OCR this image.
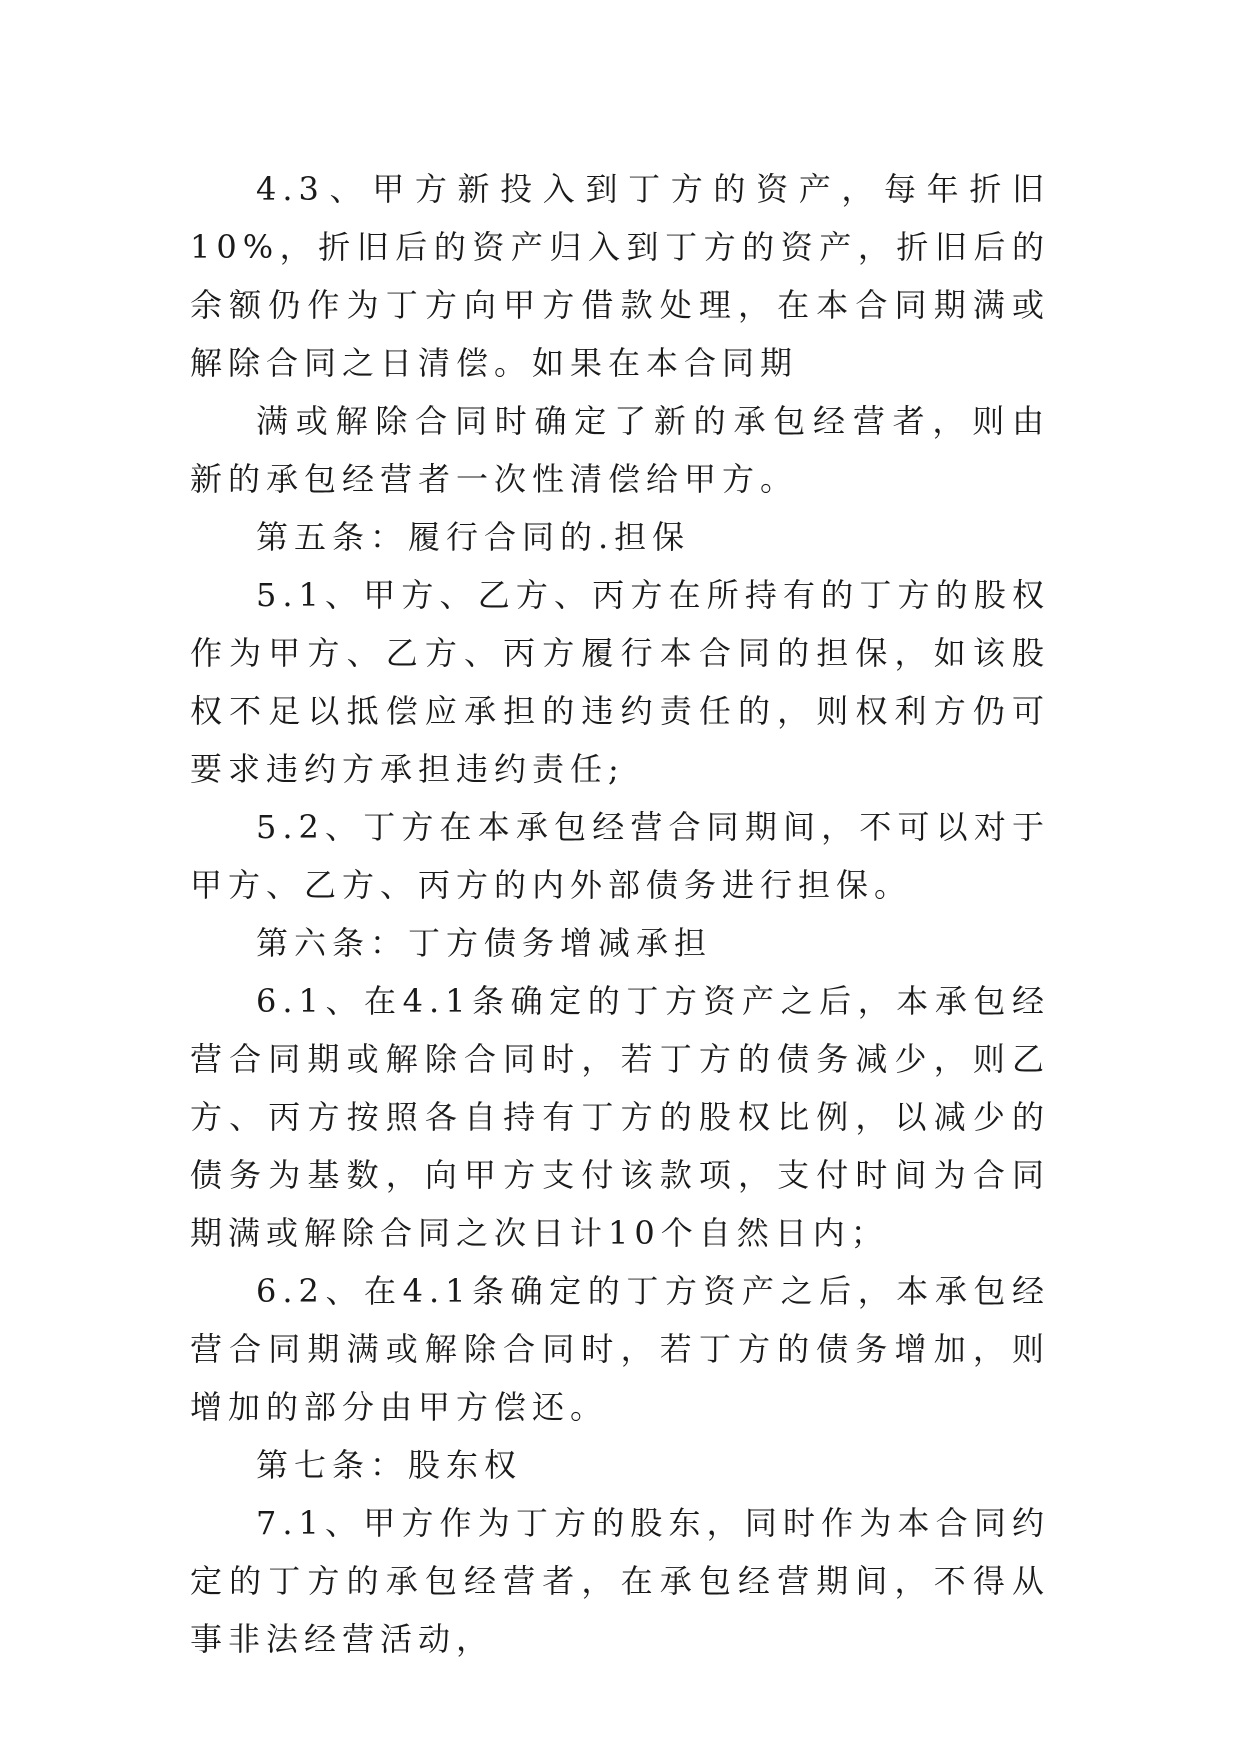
4.3、甲方新投入到丁方的资产，每年折旧10%，折旧后的资产归入到丁方的资产，折旧后的余额仍作为丁方向甲方借款处理，在本合同期满或解除合同之日清偿。如果在本合同期

满或解除合同时确定了新的承包经营者，则由新的承包经营者一次性清偿给甲方。

第五条：履行合同的.担保

5.1、甲方、乙方、丙方在所持有的丁方的股权作为甲方、乙方、丙方履行本合同的担保，如该股权不足以抵偿应承担的违约责任的，则权利方仍可要求违约方承担违约责任;

5.2、丁方在本承包经营合同期间，不可以对于甲方、乙方、丙方的内外部债务进行担保。

第六条：丁方债务增减承担

6.1、在4.1条确定的丁方资产之后，本承包经营合同期或解除合同时，若丁方的债务减少，则乙方、丙方按照各自持有丁方的股权比例，以减少的债务为基数，向甲方支付该款项，支付时间为合同期满或解除合同之次日计10个自然日内；

6.2、在4.1条确定的丁方资产之后，本承包经营合同期满或解除合同时，若丁方的债务增加，则增加的部分由甲方偿还。

第七条：股东权

7.1、甲方作为丁方的股东，同时作为本合同约定的丁方的承包经营者，在承包经营期间，不得从事非法经营活动，
